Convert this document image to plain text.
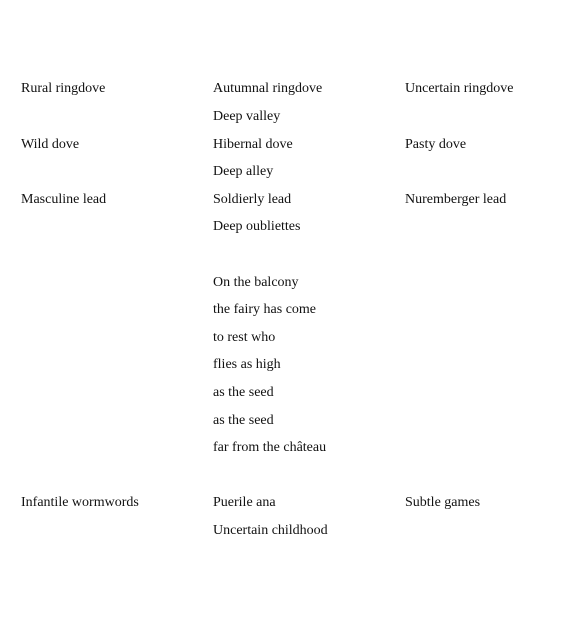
Rural ringdove	Autumnal ringdove	Uncertain ringdove
Deep valley
Wild dove	Hibernal dove	Pasty dove
Deep alley
Masculine lead	Soldierly lead	Nuremberger lead
Deep oubliettes
On the balcony
the fairy has come
to rest who
flies as high
as the seed
as the seed
far from the château
Infantile wormwords	Puerile ana	Subtle games
Uncertain childhood
